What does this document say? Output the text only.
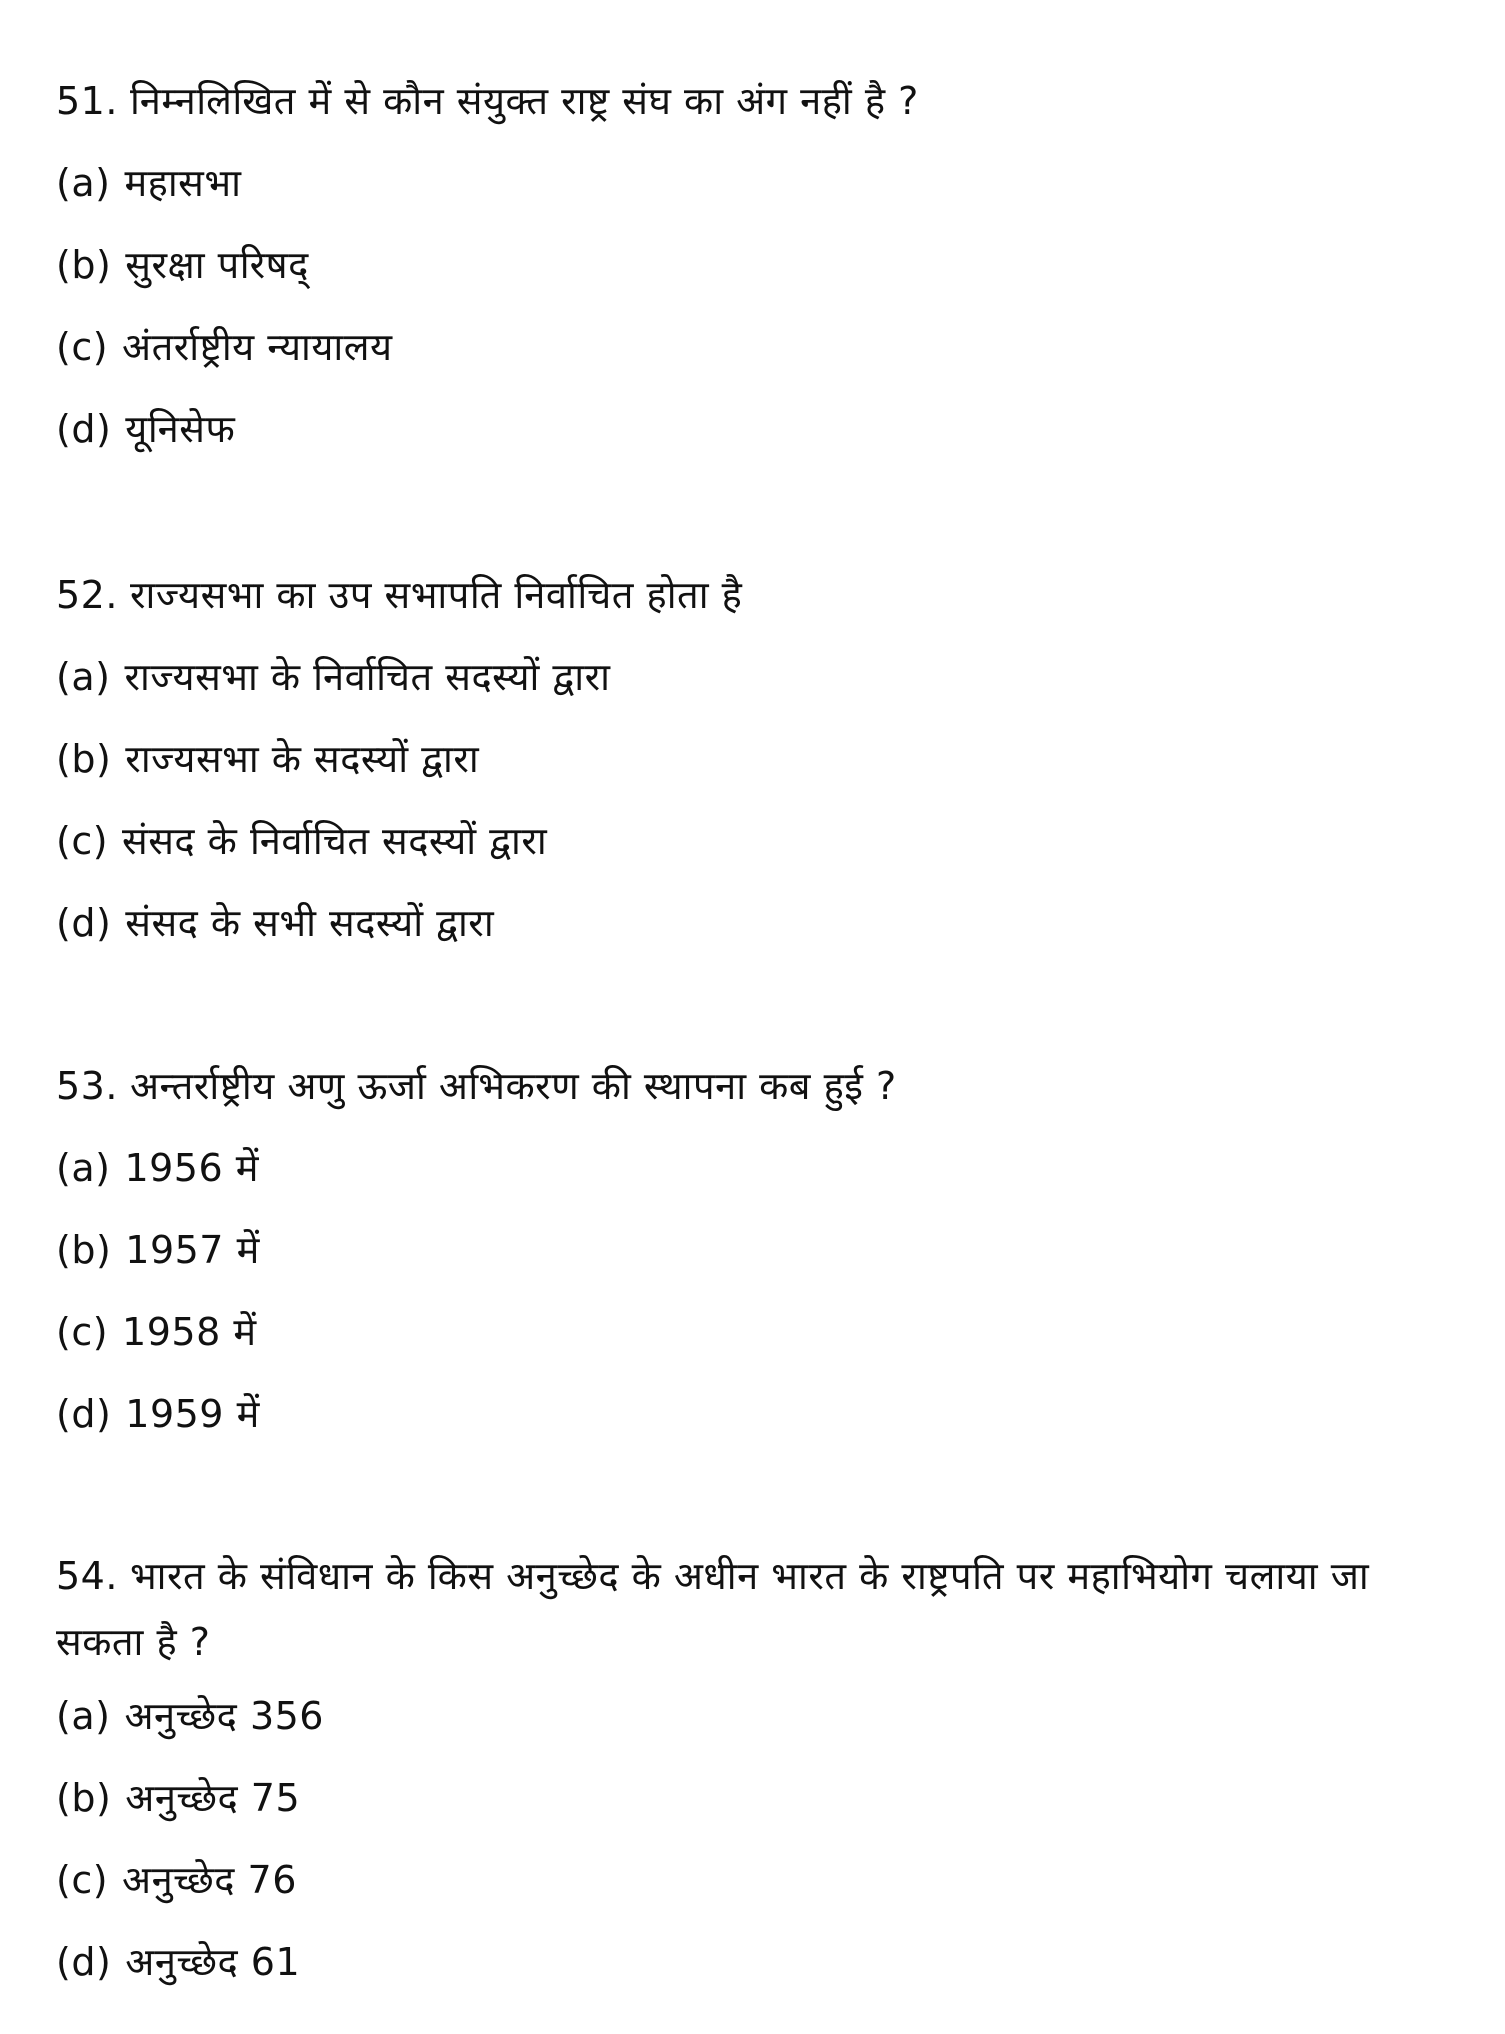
51. निम्नलिखित में से कौन संयुक्त राष्ट्र संघ का अंग नहीं है ?
(a) महासभा
(b) सुरक्षा परिषद्
(c) अंतर्राष्ट्रीय न्यायालय
(d) यूनिसेफ
52. राज्यसभा का उप सभापति निर्वाचित होता है
(a) राज्यसभा के निर्वाचित सदस्यों द्वारा
(b) राज्यसभा के सदस्यों द्वारा
(c) संसद के निर्वाचित सदस्यों द्वारा
(d) संसद के सभी सदस्यों द्वारा
53. अन्तर्राष्ट्रीय अणु ऊर्जा अभिकरण की स्थापना कब हुई ?
(a) 1956 में
(b) 1957 में
(c) 1958 में
(d) 1959 में
54. भारत के संविधान के किस अनुच्छेद के अधीन भारत के राष्ट्रपति पर महाभियोग चलाया जा सकता है ?
(a) अनुच्छेद 356
(b) अनुच्छेद 75
(c) अनुच्छेद 76
(d) अनुच्छेद 61
